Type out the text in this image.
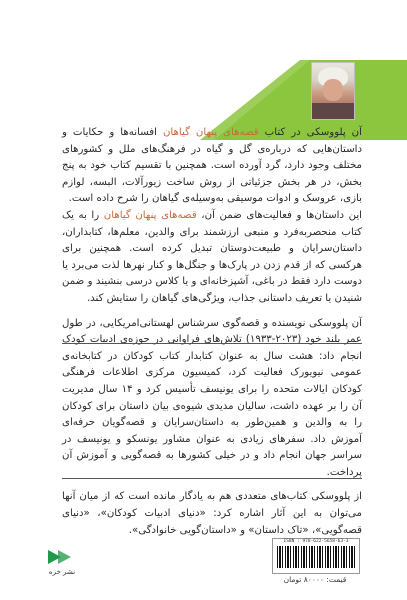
آن پلووسکی در کتاب قصه‌های پنهان گیاهان افسانه‌ها و حکایات و داستان‌هایی که درباره‌ی گل و گیاه در فرهنگ‌های ملل و کشورهای مختلف وجود دارد، گرد آورده است. همچنین با تقسیم کتاب خود به پنج بخش، در هر بخش جزئیاتی از روش ساخت زیورآلات، البسه، لوازم بازی، عروسک و ادوات موسیقی به‌وسیله‌ی گیاهان را شرح داده است.

این داستان‌ها و فعالیت‌های ضمن آن، قصه‌های پنهان گیاهان را به یک کتاب منحصربه‌فرد و منبعی ارزشمند برای والدین، معلم‌ها، کتابداران، داستان‌سرایان و طبیعت‌دوستان تبدیل کرده است. همچنین برای هرکسی که از قدم زدن در پارک‌ها و جنگل‌ها و کنار نهرها لذت می‌برد یا دوست دارد فقط در باغی، آشپزخانه‌ای و یا کلاس درسی بنشیند و ضمن شنیدن یا تعریف داستانی جذاب، ویژگی‌های گیاهان را ستایش کند.

آن پلووسکی نویسنده و قصه‌گوی سرشناس لهستانی‌امریکایی، در طول عمر بلند خود (۲۰۲۳-۱۹۳۳) تلاش‌های فراوانی در حوزه‌ی ادبیات کودک انجام داد: هشت سال به عنوان کتابدار کتاب کودکان در کتابخانه‌ی عمومی نیویورک فعالیت کرد، کمیسیون مرکزی اطلاعات فرهنگی کودکان ایالات متحده را برای یونیسف تأسیس کرد و ۱۴ سال مدیریت آن را بر عهده داشت، سالیان مدیدی شیوه‌ی بیان داستان برای کودکان را به والدین و همین‌طور به داستان‌سرایان و قصه‌گویان حرفه‌ای آموزش داد. سفرهای زیادی به عنوان مشاور یونسکو و یونیسف در سراسر جهان انجام داد و در خیلی کشورها به قصه‌گویی و آموزش آن پرداخت.

از پلووسکی کتاب‌های متعددی هم به یادگار مانده است که از میان آنها می‌توان به این آثار اشاره کرد: «دنیای ادبیات کودکان»، «دنیای قصه‌گویی»، «تاک داستان» و «داستان‌گویی خانوادگی».

ISBN : 978-622-5658-63-3
قیمت: ۸۰۰۰۰ تومان
نشر خزه
